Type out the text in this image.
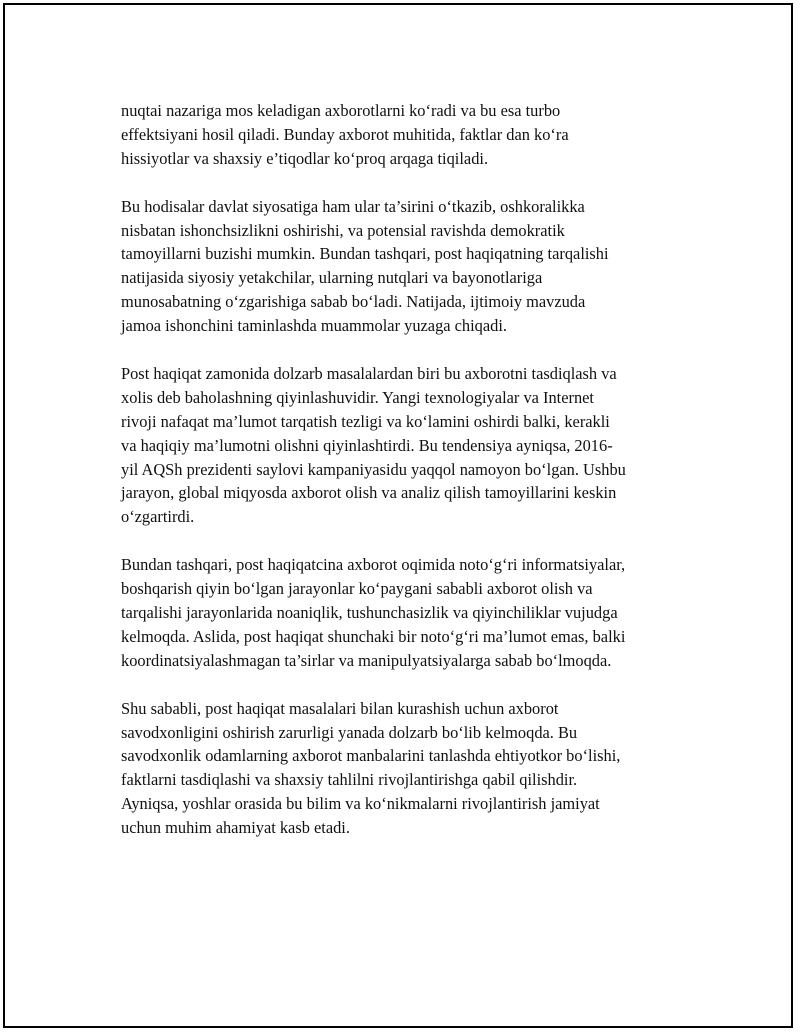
nuqtai nazariga mos keladigan axborotlarni ko‘radi va bu esa turbo
effektsiyani hosil qiladi. Bunday axborot muhitida, faktlar dan ko‘ra
hissiyotlar va shaxsiy e’tiqodlar ko‘proq arqaga tiqiladi.

Bu hodisalar davlat siyosatiga ham ular ta’sirini o‘tkazib, oshkoralikka
nisbatan ishonchsizlikni oshirishi, va potensial ravishda demokratik
tamoyillarni buzishi mumkin. Bundan tashqari, post haqiqatning tarqalishi
natijasida siyosiy yetakchilar, ularning nutqlari va bayonotlariga
munosabatning o‘zgarishiga sabab bo‘ladi. Natijada, ijtimoiy mavzuda
jamoa ishonchini taminlashda muammolar yuzaga chiqadi.

Post haqiqat zamonida dolzarb masalalardan biri bu axborotni tasdiqlash va
xolis deb baholashning qiyinlashuvidir. Yangi texnologiyalar va Internet
rivoji nafaqat ma’lumot tarqatish tezligi va ko‘lamini oshirdi balki, kerakli
va haqiqiy ma’lumotni olishni qiyinlashtirdi. Bu tendensiya ayniqsa, 2016-
yil AQSh prezidenti saylovi kampaniyasidu yaqqol namoyon bo‘lgan. Ushbu
jarayon, global miqyosda axborot olish va analiz qilish tamoyillarini keskin
o‘zgartirdi.

Bundan tashqari, post haqiqatcina axborot oqimida noto‘g‘ri informatsiyalar,
boshqarish qiyin bo‘lgan jarayonlar ko‘paygani sababli axborot olish va
tarqalishi jarayonlarida noaniqlik, tushunchasizlik va qiyinchiliklar vujudga
kelmoqda. Aslida, post haqiqat shunchaki bir noto‘g‘ri ma’lumot emas, balki
koordinatsiyalashmagan ta’sirlar va manipulyatsiyalarga sabab bo‘lmoqda.

Shu sababli, post haqiqat masalalari bilan kurashish uchun axborot
savodxonligini oshirish zarurligi yanada dolzarb bo‘lib kelmoqda. Bu
savodxonlik odamlarning axborot manbalarini tanlashda ehtiyotkor bo‘lishi,
faktlarni tasdiqlashi va shaxsiy tahlilni rivojlantirishga qabil qilishdir.
Ayniqsa, yoshlar orasida bu bilim va ko‘nikmalarni rivojlantirish jamiyat
uchun muhim ahamiyat kasb etadi.
